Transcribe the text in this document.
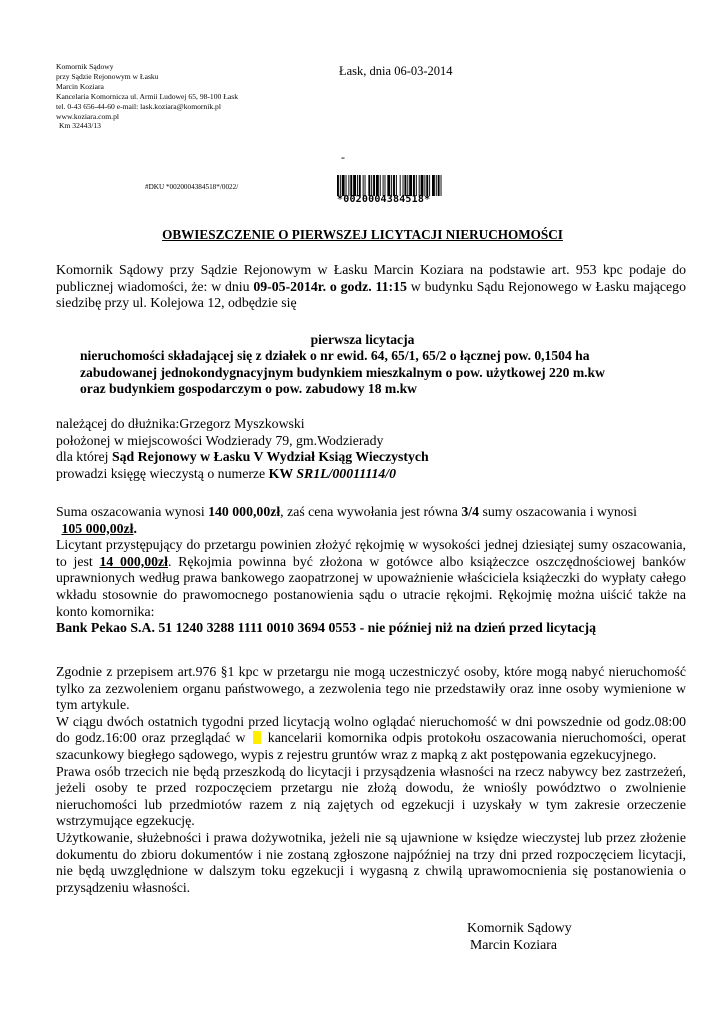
Komornik Sądowy
przy Sądzie Rejonowym w Łasku
Marcin Koziara
Kancelaria Komornicza ul. Armii Ludowej 65, 98-100 Łask
tel. 0-43 656-44-60 e-mail: lask.koziara@komornik.pl
www.koziara.com.pl
Km 32443/13
Łask, dnia 06-03-2014
-
#DKU *0020004384518*/0022/
*0020004384518*
OBWIESZCZENIE O PIERWSZEJ LICYTACJI NIERUCHOMOŚCI
Komornik Sądowy przy Sądzie Rejonowym w Łasku Marcin Koziara na podstawie art. 953 kpc podaje do publicznej wiadomości, że: w dniu 09-05-2014r. o godz. 11:15 w budynku Sądu Rejonowego w Łasku mającego siedzibę przy ul. Kolejowa 12, odbędzie się
pierwsza licytacja
nieruchomości składającej się z działek o nr ewid. 64, 65/1, 65/2 o łącznej pow. 0,1504 ha
zabudowanej jednokondygnacyjnym budynkiem mieszkalnym o pow. użytkowej 220 m.kw
oraz budynkiem gospodarczym o pow. zabudowy 18 m.kw
należącej do dłużnika:Grzegorz Myszkowski
położonej w miejscowości Wodzierady 79, gm.Wodzierady
dla której Sąd Rejonowy w Łasku V Wydział Ksiąg Wieczystych
prowadzi księgę wieczystą o numerze KW SR1L/00011114/0
Suma oszacowania wynosi 140 000,00zł, zaś cena wywołania jest równa 3/4 sumy oszacowania i wynosi
105 000,00zł.

Licytant przystępujący do przetargu powinien złożyć rękojmię w wysokości jednej dziesiątej sumy oszacowania, to jest 14 000,00zł. Rękojmia powinna być złożona w gotówce albo książeczce oszczędnościowej banków uprawnionych według prawa bankowego zaopatrzonej w upoważnienie właściciela książeczki do wypłaty całego wkładu stosownie do prawomocnego postanowienia sądu o utracie rękojmi. Rękojmię można uiścić także na konto komornika:

Bank Pekao S.A. 51 1240 3288 1111 0010 3694 0553 - nie później niż na dzień przed licytacją

Zgodnie z przepisem art.976 §1 kpc w przetargu nie mogą uczestniczyć osoby, które mogą nabyć nieruchomość tylko za zezwoleniem organu państwowego, a zezwolenia tego nie przedstawiły oraz inne osoby wymienione w tym artykule.

W ciągu dwóch ostatnich tygodni przed licytacją wolno oglądać nieruchomość w dni powszednie od godz.08:00 do godz.16:00 oraz przeglądać w  kancelarii komornika odpis protokołu oszacowania nieruchomości, operat szacunkowy biegłego sądowego, wypis z rejestru gruntów wraz z mapką z akt postępowania egzekucyjnego.

Prawa osób trzecich nie będą przeszkodą do licytacji i przysądzenia własności na rzecz nabywcy bez zastrzeżeń, jeżeli osoby te przed rozpoczęciem przetargu nie złożą dowodu, że wnioślу powództwo o zwolnienie nieruchomości lub przedmiotów razem z nią zajętych od egzekucji i uzyskały w tym zakresie orzeczenie wstrzymujące egzekucję.

Użytkowanie, służebności i prawa dożywotnika, jeżeli nie są ujawnione w księdze wieczystej lub przez złożenie dokumentu do zbioru dokumentów i nie zostaną zgłoszone najpóźniej na trzy dni przed rozpoczęciem licytacji, nie będą uwzględnione w dalszym toku egzekucji i wygasną z chwilą uprawomocnienia się postanowienia o przysądzeniu własności.

Komornik Sądowy
Marcin Koziara
